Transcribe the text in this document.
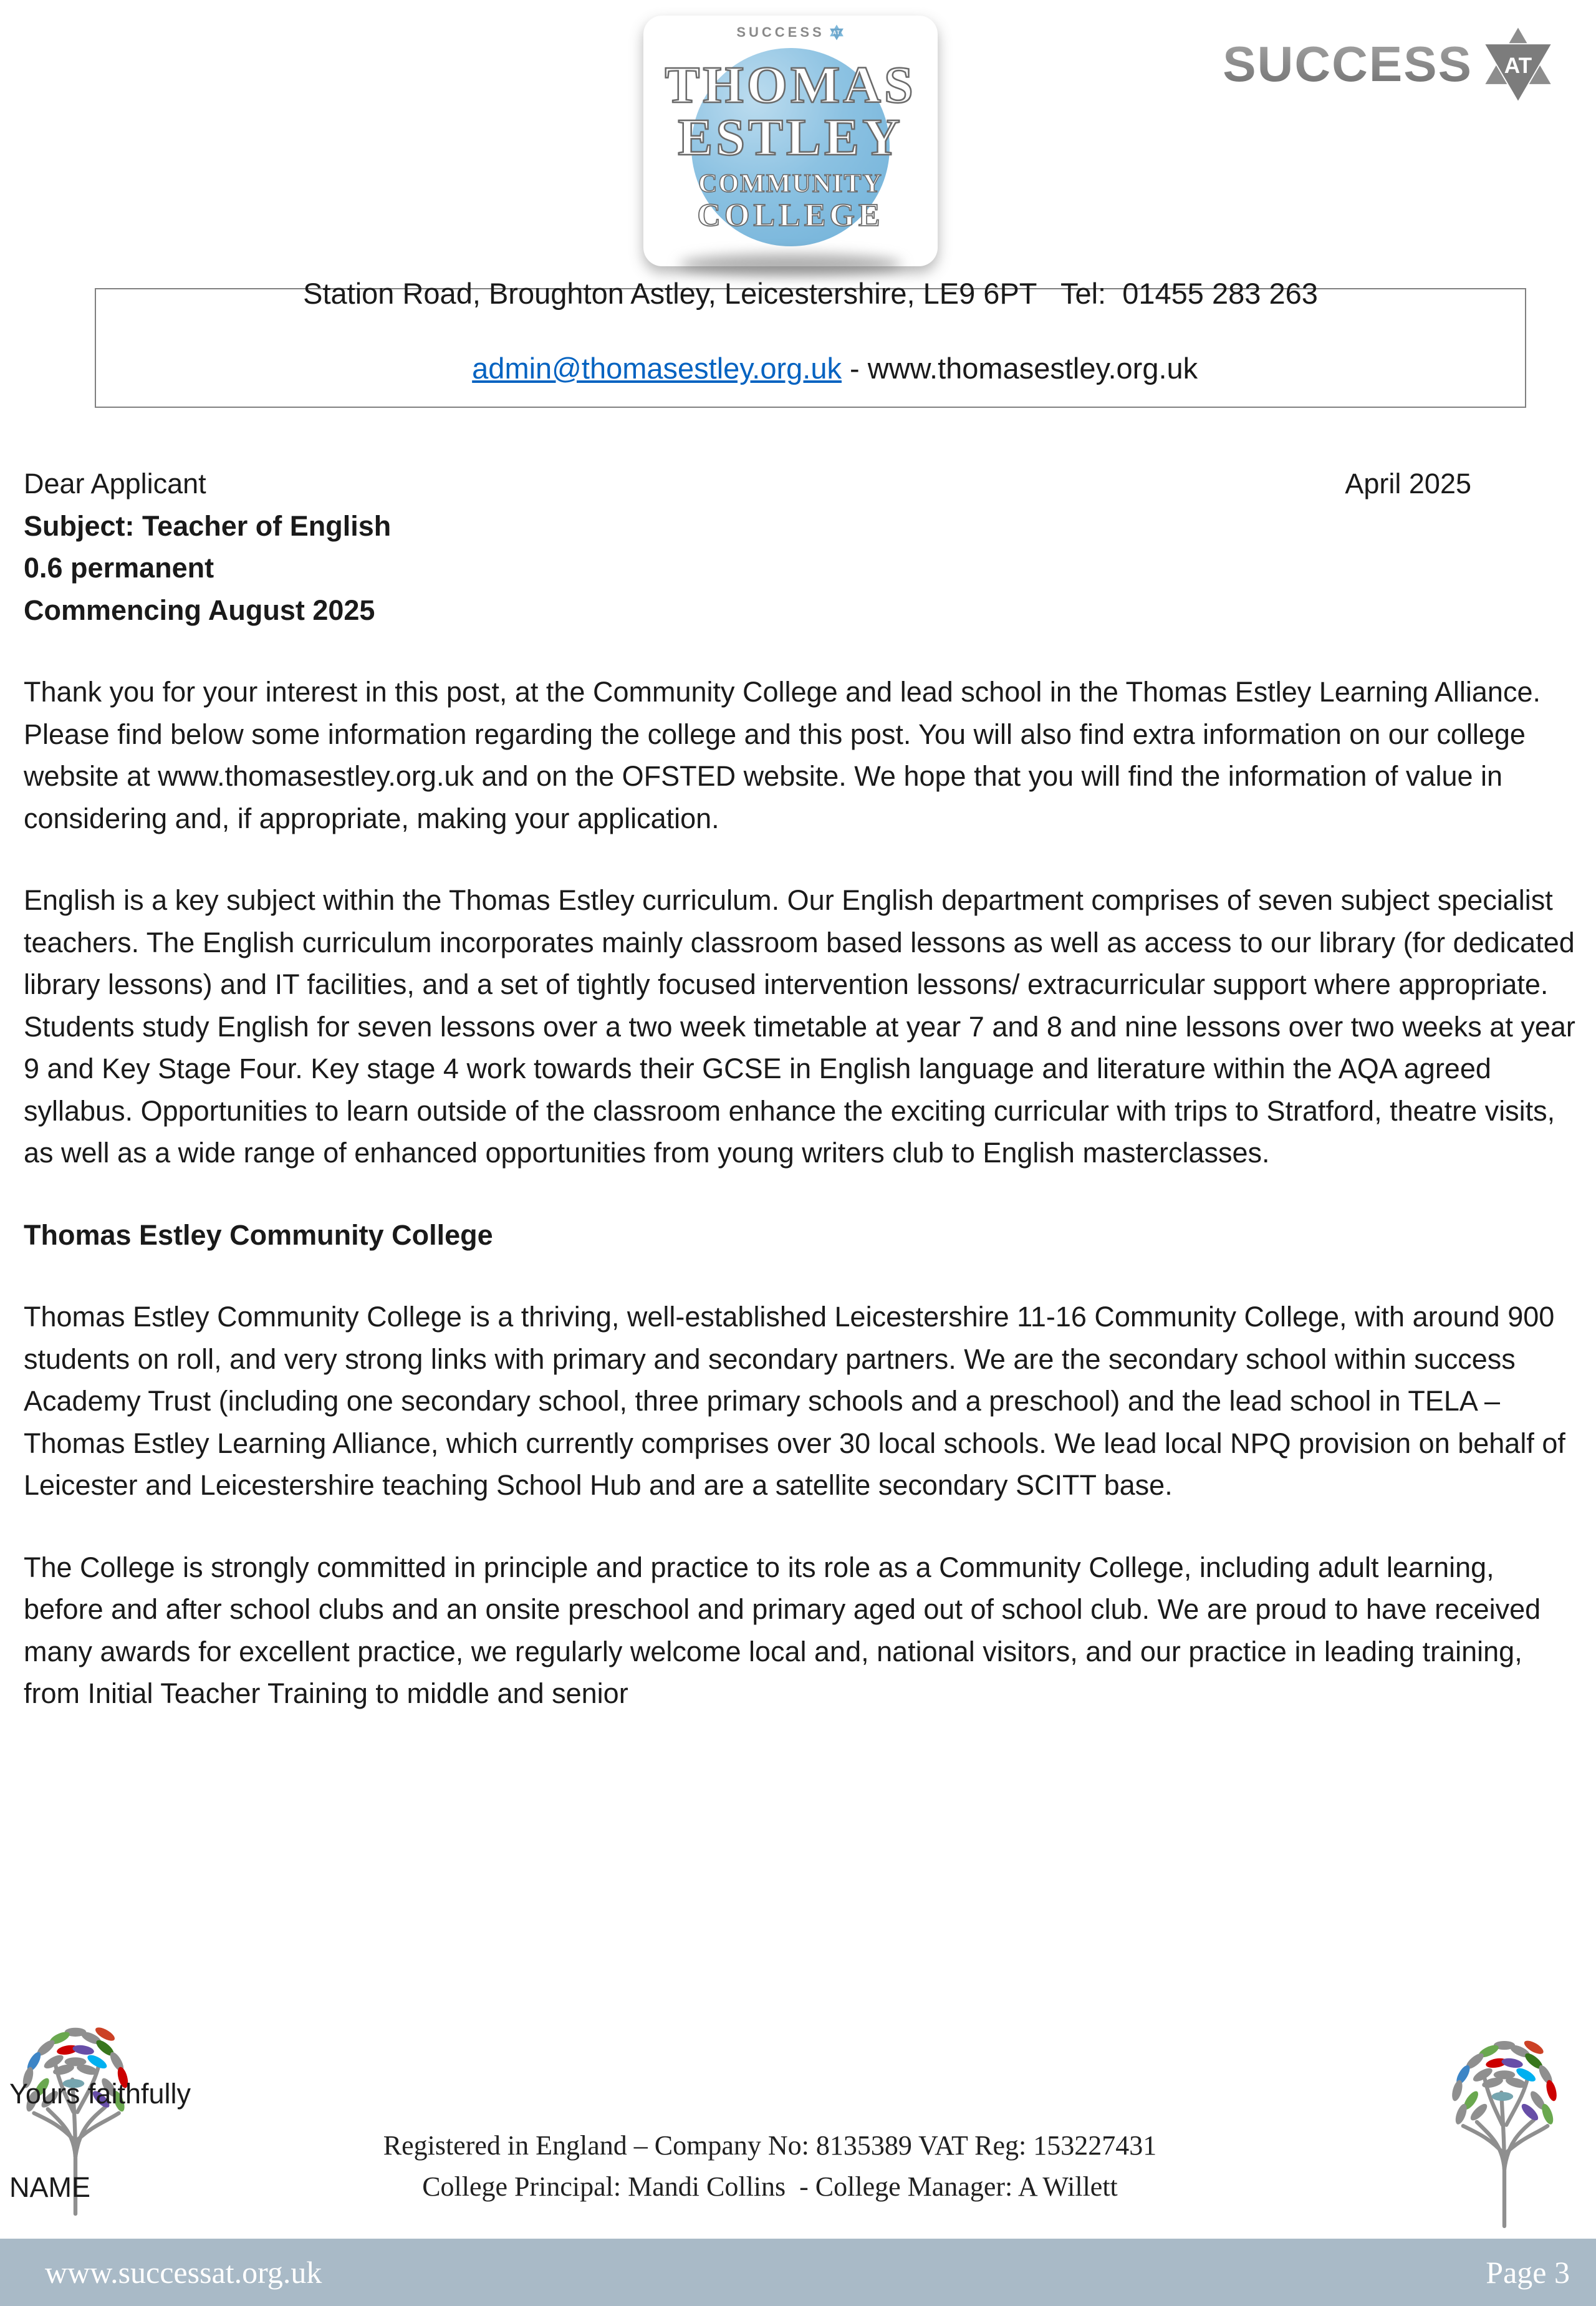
SUCCESS AT
THOMAS
ESTLEY
COMMUNITY
COLLEGE
SUCCESS AT
Station Road, Broughton Astley, Leicestershire, LE9 6PT   Tel:  01455 283 263

admin@thomasestley.org.uk - www.thomasestley.org.uk

Dear Applicant	April 2025
Subject: Teacher of English
0.6 permanent
Commencing August 2025

Thank you for your interest in this post, at the Community College and lead school in the Thomas Estley Learning Alliance. Please find below some information regarding the college and this post. You will also find extra information on our college website at www.thomasestley.org.uk and on the OFSTED website. We hope that you will find the information of value in considering and, if appropriate, making your application.

English is a key subject within the Thomas Estley curriculum. Our English department comprises of seven subject specialist teachers. The English curriculum incorporates mainly classroom based lessons as well as access to our library (for dedicated library lessons) and IT facilities, and a set of tightly focused intervention lessons/ extracurricular support where appropriate. Students study English for seven lessons over a two week timetable at year 7 and 8 and nine lessons over two weeks at year 9 and Key Stage Four. Key stage 4 work towards their GCSE in English language and literature within the AQA agreed syllabus. Opportunities to learn outside of the classroom enhance the exciting curricular with trips to Stratford, theatre visits, as well as a wide range of enhanced opportunities from young writers club to English masterclasses.

Thomas Estley Community College

Thomas Estley Community College is a thriving, well-established Leicestershire 11-16 Community College, with around 900 students on roll, and very strong links with primary and secondary partners. We are the secondary school within success Academy Trust (including one secondary school, three primary schools and a preschool) and the lead school in TELA – Thomas Estley Learning Alliance, which currently comprises over 30 local schools. We lead local NPQ provision on behalf of Leicester and Leicestershire teaching School Hub and are a satellite secondary SCITT base.

The College is strongly committed in principle and practice to its role as a Community College, including adult learning, before and after school clubs and an onsite preschool and primary aged out of school club. We are proud to have received many awards for excellent practice, we regularly welcome local and, national visitors, and our practice in leading training, from Initial Teacher Training to middle and senior

Yours faithfully
NAME
Registered in England – Company No: 8135389 VAT Reg: 153227431
College Principal: Mandi Collins  - College Manager: A Willett
www.successat.org.uk	Page 3
